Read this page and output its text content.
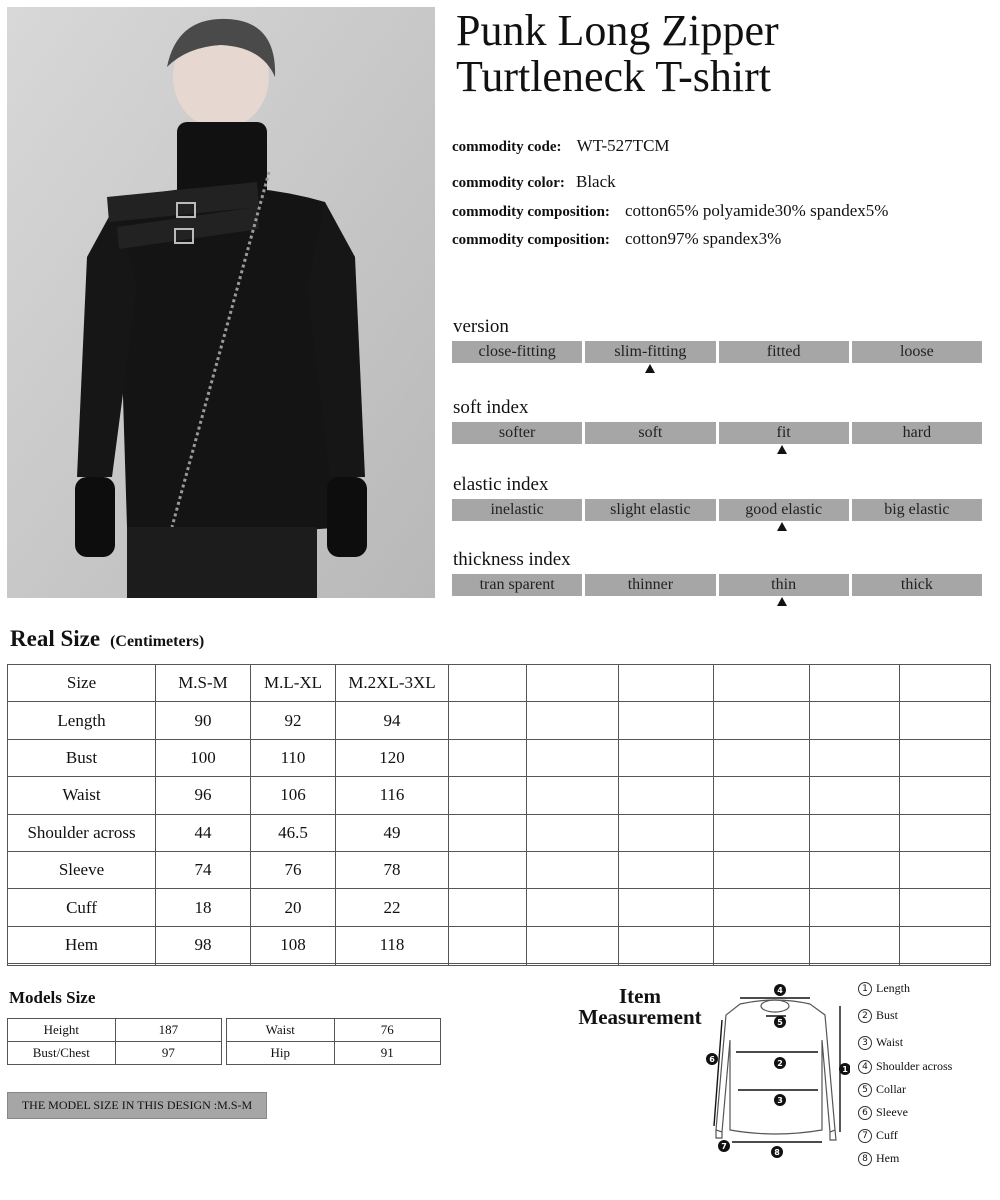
Punk Long Zipper
Turtleneck T-shirt
commodity code: WT-527TCM
commodity color: Black
commodity composition: cotton65% polyamide30% spandex5%
commodity composition: cotton97% spandex3%
version
close-fitting	slim-fitting	fitted	loose
soft index
softer	soft	fit	hard
elastic index
inelastic	slight elastic	good elastic	big elastic
thickness index
tran sparent	thinner	thin	thick
Real Size (Centimeters)
Size	M.S-M	M.L-XL	M.2XL-3XL						
Length	90	92	94						
Bust	100	110	120						
Waist	96	106	116						
Shoulder across	44	46.5	49						
Sleeve	74	76	78						
Cuff	18	20	22						
Hem	98	108	118						

Models Size
Height	187
Bust/Chest	97
Waist	76
Hip	91
THE MODEL SIZE IN THIS DESIGN :M.S-M
Item
Measurement
4
5
2
3
1
6
7
8
1 Length
2 Bust
3 Waist
4 Shoulder across
5 Collar
6 Sleeve
7 Cuff
8 Hem
